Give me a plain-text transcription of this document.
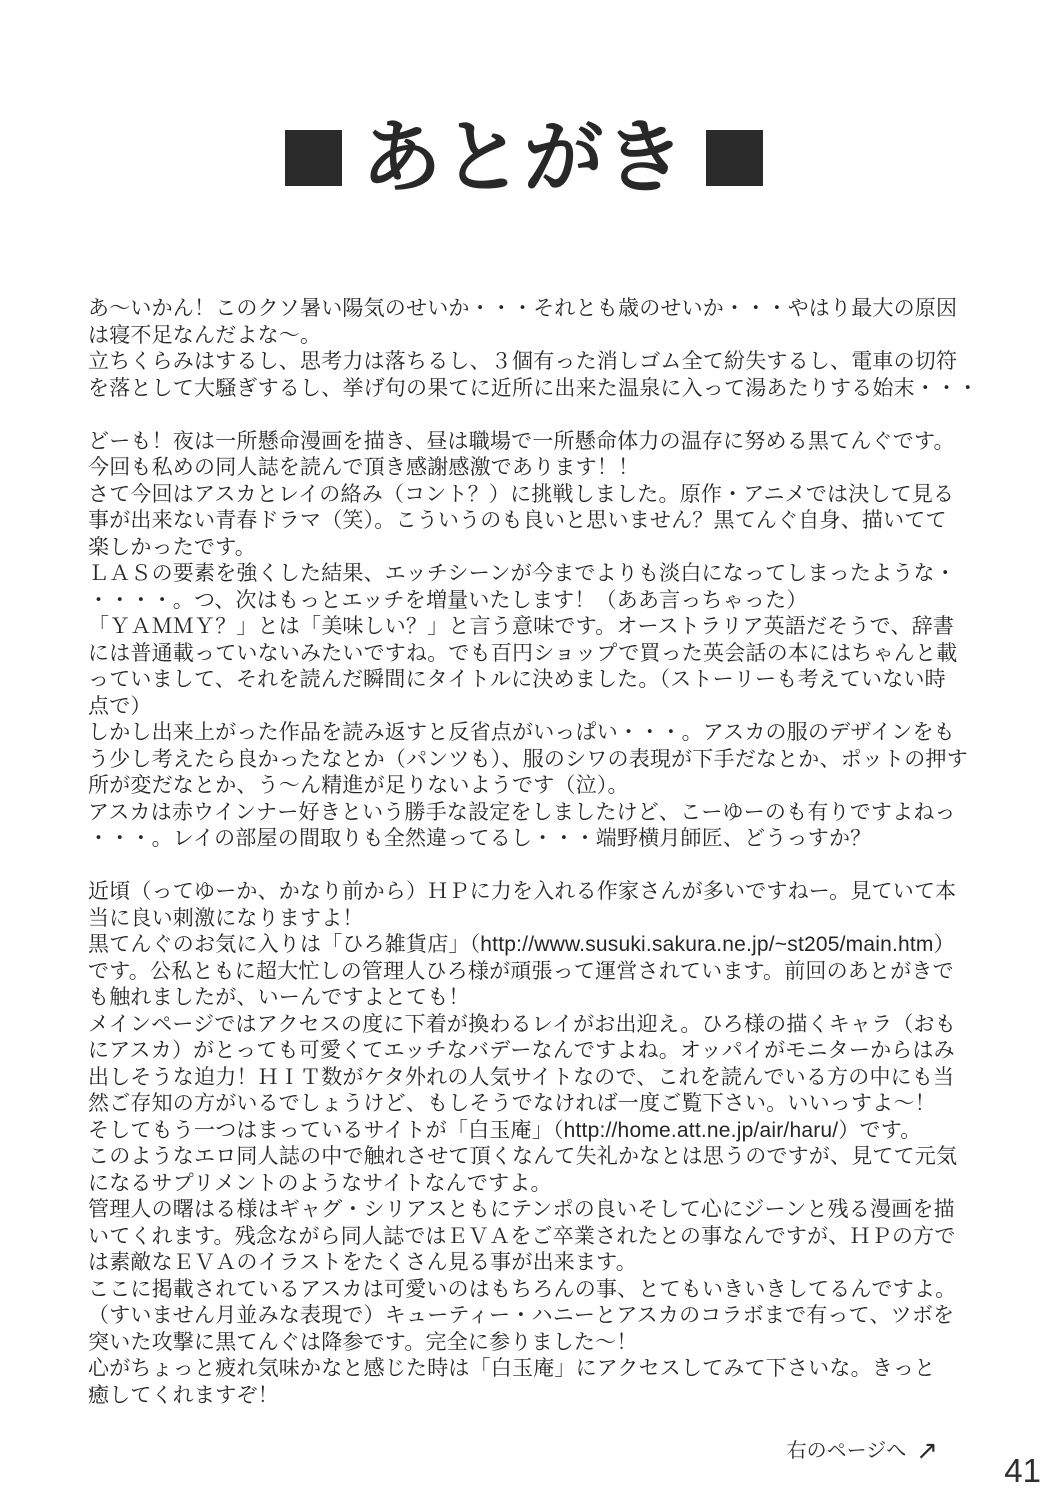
あとがき
あ～いかん！このクソ暑い陽気のせいか・・・それとも歳のせいか・・・やはり最大の原因
は寝不足なんだよな～。
立ちくらみはするし、思考力は落ちるし、３個有った消しゴム全て紛失するし、電車の切符
を落として大騒ぎするし、挙げ句の果てに近所に出来た温泉に入って湯あたりする始末・・・
どーも！夜は一所懸命漫画を描き、昼は職場で一所懸命体力の温存に努める黒てんぐです。
今回も私めの同人誌を読んで頂き感謝感激であります！！
さて今回はアスカとレイの絡み（コント？）に挑戦しました。原作・アニメでは決して見る
事が出来ない青春ドラマ（笑）。こういうのも良いと思いません？黒てんぐ自身、描いてて
楽しかったです。
ＬＡＳの要素を強くした結果、エッチシーンが今までよりも淡白になってしまったような・
・・・・。つ、次はもっとエッチを増量いたします！（ああ言っちゃった）
「ＹＡＭＭＹ？」とは「美味しい？」と言う意味です。オーストラリア英語だそうで、辞書
には普通載っていないみたいですね。でも百円ショップで買った英会話の本にはちゃんと載
っていまして、それを読んだ瞬間にタイトルに決めました。（ストーリーも考えていない時
点で）
しかし出来上がった作品を読み返すと反省点がいっぱい・・・。アスカの服のデザインをも
う少し考えたら良かったなとか（パンツも）、服のシワの表現が下手だなとか、ポットの押す
所が変だなとか、う～ん精進が足りないようです（泣）。
アスカは赤ウインナー好きという勝手な設定をしましたけど、こーゆーのも有りですよねっ
・・・。レイの部屋の間取りも全然違ってるし・・・端野横月師匠、どうっすか？
近頃（ってゆーか、かなり前から）ＨＰに力を入れる作家さんが多いですねー。見ていて本
当に良い刺激になりますよ！
黒てんぐのお気に入りは「ひろ雑貨店」（http://www.susuki.sakura.ne.jp/~st205/main.htm）
です。公私ともに超大忙しの管理人ひろ様が頑張って運営されています。前回のあとがきで
も触れましたが、いーんですよとても！
メインページではアクセスの度に下着が換わるレイがお出迎え。ひろ様の描くキャラ（おも
にアスカ）がとっても可愛くてエッチなバデーなんですよね。オッパイがモニターからはみ
出しそうな迫力！ＨＩＴ数がケタ外れの人気サイトなので、これを読んでいる方の中にも当
然ご存知の方がいるでしょうけど、もしそうでなければ一度ご覧下さい。いいっすよ～！
そしてもう一つはまっているサイトが「白玉庵」（http://home.att.ne.jp/air/haru/）です。
このようなエロ同人誌の中で触れさせて頂くなんて失礼かなとは思うのですが、見てて元気
になるサプリメントのようなサイトなんですよ。
管理人の曙はる様はギャグ・シリアスともにテンポの良いそして心にジーンと残る漫画を描
いてくれます。残念ながら同人誌ではＥＶＡをご卒業されたとの事なんですが、ＨＰの方で
は素敵なＥＶＡのイラストをたくさん見る事が出来ます。
ここに掲載されているアスカは可愛いのはもちろんの事、とてもいきいきしてるんですよ。
（すいません月並みな表現で）キューティー・ハニーとアスカのコラボまで有って、ツボを
突いた攻撃に黒てんぐは降参です。完全に参りました～！
心がちょっと疲れ気味かなと感じた時は「白玉庵」にアクセスしてみて下さいな。きっと
癒してくれますぞ！
右のページへ ↗
41
